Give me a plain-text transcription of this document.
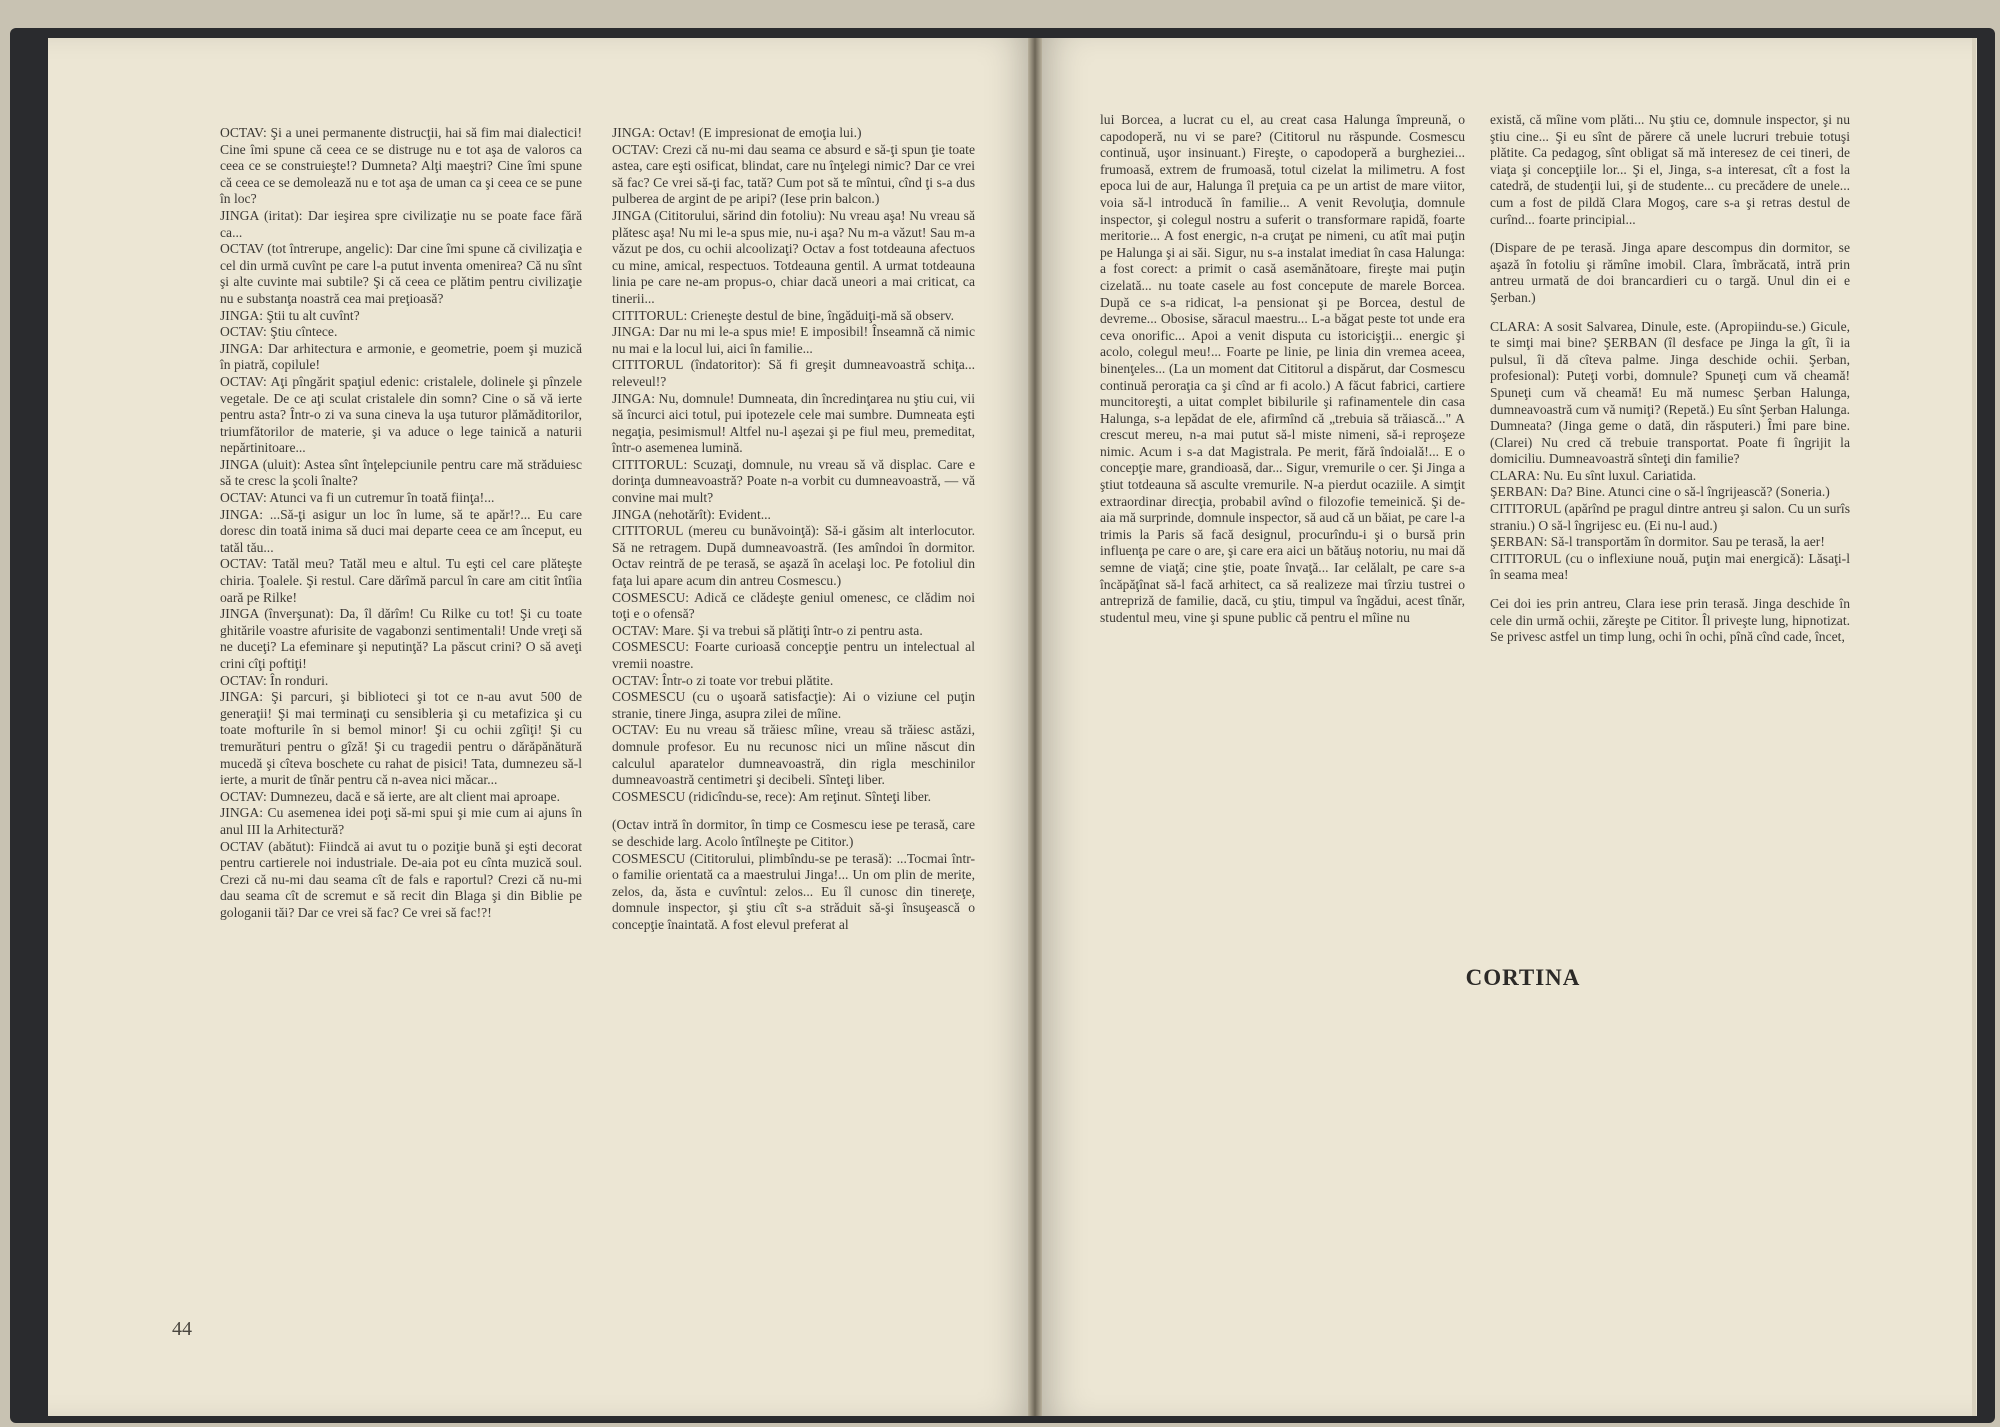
OCTAV: Şi a unei permanente distrucţii, hai să fim mai dialectici! Cine îmi spune că ceea ce se distruge nu e tot aşa de valoros ca ceea ce se construieşte!? Dumneta? Alţi maeştri? Cine îmi spune că ceea ce se demolează nu e tot aşa de uman ca şi ceea ce se pune în loc?

JINGA (iritat): Dar ieşirea spre civilizaţie nu se poate face fără ca...

OCTAV (tot întrerupe, angelic): Dar cine îmi spune că civilizaţia e cel din urmă cuvînt pe care l-a putut inventa omenirea? Că nu sînt şi alte cuvinte mai subtile? Şi că ceea ce plătim pentru civilizaţie nu e substanţa noastră cea mai preţioasă?

JINGA: Ştii tu alt cuvînt?

OCTAV: Ştiu cîntece.

JINGA: Dar arhitectura e armonie, e geometrie, poem şi muzică în piatră, copilule!

OCTAV: Aţi pîngărit spaţiul edenic: cristalele, dolinele şi pînzele vegetale. De ce aţi sculat cristalele din somn? Cine o să vă ierte pentru asta? Într-o zi va suna cineva la uşa tuturor plămăditorilor, triumfătorilor de materie, şi va aduce o lege tainică a naturii nepărtinitoare...

JINGA (uluit): Astea sînt înţelepciunile pentru care mă străduiesc să te cresc la şcoli înalte?

OCTAV: Atunci va fi un cutremur în toată fiinţa!...

JINGA: ...Să-ţi asigur un loc în lume, să te apăr!?... Eu care doresc din toată inima să duci mai departe ceea ce am început, eu tatăl tău...

OCTAV: Tatăl meu? Tatăl meu e altul. Tu eşti cel care plăteşte chiria. Ţoalele. Şi restul. Care dărîmă parcul în care am citit întîia oară pe Rilke!

JINGA (înverşunat): Da, îl dărîm! Cu Rilke cu tot! Şi cu toate ghitările voastre afurisite de vagabonzi sentimentali! Unde vreţi să ne duceţi? La efeminare şi neputinţă? La păscut crini? O să aveţi crini cîţi poftiţi!

OCTAV: În ronduri.

JINGA: Şi parcuri, şi biblioteci şi tot ce n-au avut 500 de generaţii! Şi mai terminaţi cu sensibleria şi cu metafizica şi cu toate mofturile în si bemol minor! Şi cu ochii zgîiţi! Şi cu tremurături pentru o gîză! Şi cu tragedii pentru o dărăpănătură mucedă şi cîteva boschete cu rahat de pisici! Tata, dumnezeu să-l ierte, a murit de tînăr pentru că n-avea nici măcar...

OCTAV: Dumnezeu, dacă e să ierte, are alt client mai aproape.

JINGA: Cu asemenea idei poţi să-mi spui şi mie cum ai ajuns în anul III la Arhitectură?

OCTAV (abătut): Fiindcă ai avut tu o poziţie bună şi eşti decorat pentru cartierele noi industriale. De-aia pot eu cînta muzică soul. Crezi că nu-mi dau seama cît de fals e raportul? Crezi că nu-mi dau seama cît de scremut e să recit din Blaga şi din Biblie pe gologanii tăi? Dar ce vrei să fac? Ce vrei să fac!?!

JINGA: Octav! (E impresionat de emoţia lui.)

OCTAV: Crezi că nu-mi dau seama ce absurd e să-ţi spun ţie toate astea, care eşti osificat, blindat, care nu înţelegi nimic? Dar ce vrei să fac? Ce vrei să-ţi fac, tată? Cum pot să te mîntui, cînd ţi s-a dus pulberea de argint de pe aripi? (Iese prin balcon.)

JINGA (Cititorului, sărind din fotoliu): Nu vreau aşa! Nu vreau să plătesc aşa! Nu mi le-a spus mie, nu-i aşa? Nu m-a văzut! Sau m-a văzut pe dos, cu ochii alcoolizaţi? Octav a fost totdeauna afectuos cu mine, amical, respectuos. Totdeauna gentil. A urmat totdeauna linia pe care ne-am propus-o, chiar dacă uneori a mai criticat, ca tinerii...

CITITORUL: Crieneşte destul de bine, îngăduiţi-mă să observ.

JINGA: Dar nu mi le-a spus mie! E imposibil! Înseamnă că nimic nu mai e la locul lui, aici în familie...

CITITORUL (îndatoritor): Să fi greşit dumneavoastră schiţa... releveul!?

JINGA: Nu, domnule! Dumneata, din încredinţarea nu ştiu cui, vii să încurci aici totul, pui ipotezele cele mai sumbre. Dumneata eşti negaţia, pesimismul! Altfel nu-l aşezai şi pe fiul meu, premeditat, într-o asemenea lumină.

CITITORUL: Scuzaţi, domnule, nu vreau să vă displac. Care e dorinţa dumneavoastră? Poate n-a vorbit cu dumneavoastră, — vă convine mai mult?

JINGA (nehotărît): Evident...

CITITORUL (mereu cu bunăvoinţă): Să-i găsim alt interlocutor. Să ne retragem. După dumneavoastră. (Ies amîndoi în dormitor. Octav reintră de pe terasă, se aşază în acelaşi loc. Pe fotoliul din faţa lui apare acum din antreu Cosmescu.)

COSMESCU: Adică ce clădeşte geniul omenesc, ce clădim noi toţi e o ofensă?

OCTAV: Mare. Şi va trebui să plătiţi într-o zi pentru asta.

COSMESCU: Foarte curioasă concepţie pentru un intelectual al vremii noastre.

OCTAV: Într-o zi toate vor trebui plătite.

COSMESCU (cu o uşoară satisfacţie): Ai o viziune cel puţin stranie, tinere Jinga, asupra zilei de mîine.

OCTAV: Eu nu vreau să trăiesc mîine, vreau să trăiesc astăzi, domnule profesor. Eu nu recunosc nici un mîine născut din calculul aparatelor dumneavoastră, din rigla meschinilor dumneavoastră centimetri şi decibeli. Sînteţi liber.

COSMESCU (ridicîndu-se, rece): Am reţinut. Sînteţi liber.

(Octav intră în dormitor, în timp ce Cosmescu iese pe terasă, care se deschide larg. Acolo întîlneşte pe Cititor.)

COSMESCU (Cititorului, plimbîndu-se pe terasă): ...Tocmai într-o familie orientată ca a maestrului Jinga!... Un om plin de merite, zelos, da, ăsta e cuvîntul: zelos... Eu îl cunosc din tinereţe, domnule inspector, şi ştiu cît s-a străduit să-şi însuşească o concepţie înaintată. A fost elevul preferat al

lui Borcea, a lucrat cu el, au creat casa Halunga împreună, o capodoperă, nu vi se pare? (Cititorul nu răspunde. Cosmescu continuă, uşor insinuant.) Fireşte, o capodoperă a burgheziei... frumoasă, extrem de frumoasă, totul cizelat la milimetru. A fost epoca lui de aur, Halunga îl preţuia ca pe un artist de mare viitor, voia să-l introducă în familie... A venit Revoluţia, domnule inspector, şi colegul nostru a suferit o transformare rapidă, foarte meritorie... A fost energic, n-a cruţat pe nimeni, cu atît mai puţin pe Halunga şi ai săi. Sigur, nu s-a instalat imediat în casa Halunga: a fost corect: a primit o casă asemănătoare, fireşte mai puţin cizelată... nu toate casele au fost concepute de marele Borcea. După ce s-a ridicat, l-a pensionat şi pe Borcea, destul de devreme... Obosise, săracul maestru... L-a băgat peste tot unde era ceva onorific... Apoi a venit disputa cu istoricişţii... energic şi acolo, colegul meu!... Foarte pe linie, pe linia din vremea aceea, binenţeles... (La un moment dat Cititorul a dispărut, dar Cosmescu continuă peroraţia ca şi cînd ar fi acolo.) A făcut fabrici, cartiere muncitoreşti, a uitat complet bibilurile şi rafinamentele din casa Halunga, s-a lepădat de ele, afirmînd că „trebuia să trăiască..." A crescut mereu, n-a mai putut să-l miste nimeni, să-i reproşeze nimic. Acum i s-a dat Magistrala. Pe merit, fără îndoială!... E o concepţie mare, grandioasă, dar... Sigur, vremurile o cer. Şi Jinga a ştiut totdeauna să asculte vremurile. N-a pierdut ocaziile. A simţit extraordinar direcţia, probabil avînd o filozofie temeinică. Şi de-aia mă surprinde, domnule inspector, să aud că un băiat, pe care l-a trimis la Paris să facă designul, procurîndu-i şi o bursă prin influenţa pe care o are, şi care era aici un bătăuş notoriu, nu mai dă semne de viaţă; cine ştie, poate învaţă... Iar celălalt, pe care s-a încăpăţînat să-l facă arhitect, ca să realizeze mai tîrziu tustrei o antrepriză de familie, dacă, cu ştiu, timpul va îngădui, acest tînăr, studentul meu, vine şi spune public că pentru el mîine nu

există, că mîine vom plăti... Nu ştiu ce, domnule inspector, şi nu ştiu cine... Şi eu sînt de părere că unele lucruri trebuie totuşi plătite. Ca pedagog, sînt obligat să mă interesez de cei tineri, de viaţa şi concepţiile lor... Şi el, Jinga, s-a interesat, cît a fost la catedră, de studenţii lui, şi de studente... cu precădere de unele... cum a fost de pildă Clara Mogoş, care s-a şi retras destul de curînd... foarte principial...

(Dispare de pe terasă. Jinga apare descompus din dormitor, se aşază în fotoliu şi rămîne imobil. Clara, îmbrăcată, intră prin antreu urmată de doi brancardieri cu o targă. Unul din ei e Şerban.)

CLARA: A sosit Salvarea, Dinule, este. (Apropiindu-se.) Gicule, te simţi mai bine? ŞERBAN (îl desface pe Jinga la gît, îi ia pulsul, îi dă cîteva palme. Jinga deschide ochii. Şerban, profesional): Puteţi vorbi, domnule? Spuneţi cum vă cheamă! Spuneţi cum vă cheamă! Eu mă numesc Şerban Halunga, dumneavoastră cum vă numiţi? (Repetă.) Eu sînt Şerban Halunga. Dumneata? (Jinga geme o dată, din răsputeri.) Îmi pare bine. (Clarei) Nu cred că trebuie transportat. Poate fi îngrijit la domiciliu. Dumneavoastră sînteţi din familie?

CLARA: Nu. Eu sînt luxul. Cariatida.

ŞERBAN: Da? Bine. Atunci cine o să-l îngrijească? (Soneria.)

CITITORUL (apărînd pe pragul dintre antreu şi salon. Cu un surîs straniu.) O să-l îngrijesc eu. (Ei nu-l aud.)

ŞERBAN: Să-l transportăm în dormitor. Sau pe terasă, la aer!

CITITORUL (cu o inflexiune nouă, puţin mai energică): Lăsaţi-l în seama mea!

Cei doi ies prin antreu, Clara iese prin terasă. Jinga deschide în cele din urmă ochii, zăreşte pe Cititor. Îl priveşte lung, hipnotizat. Se privesc astfel un timp lung, ochi în ochi, pînă cînd cade, încet,

44
CORTINA
